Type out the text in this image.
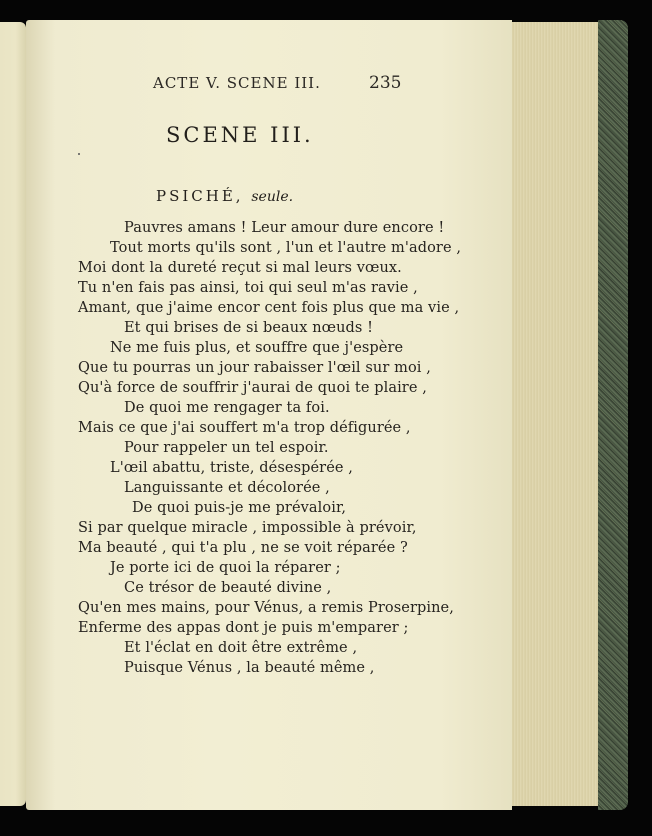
ACTE V. SCENE III.	235
SCENE III.
PSICHÉ, seule.
Pauvres amans ! Leur amour dure encore !
Tout morts qu'ils sont , l'un et l'autre m'adore ,
Moi dont la dureté reçut si mal leurs vœux.
Tu n'en fais pas ainsi, toi qui seul m'as ravie ,
Amant, que j'aime encor cent fois plus que ma vie ,
Et qui brises de si beaux nœuds !
Ne me fuis plus, et souffre que j'espère
Que tu pourras un jour rabaisser l'œil sur moi ,
Qu'à force de souffrir j'aurai de quoi te plaire ,
De quoi me rengager ta foi.
Mais ce que j'ai souffert m'a trop défigurée ,
Pour rappeler un tel espoir.
L'œil abattu, triste, désespérée ,
Languissante et décolorée ,
De quoi puis-je me prévaloir,
Si par quelque miracle , impossible à prévoir,
Ma beauté , qui t'a plu , ne se voit réparée ?
Je porte ici de quoi la réparer ;
Ce trésor de beauté divine ,
Qu'en mes mains, pour Vénus, a remis Proserpine,
Enferme des appas dont je puis m'emparer ;
Et l'éclat en doit être extrême ,
Puisque Vénus , la beauté même ,
